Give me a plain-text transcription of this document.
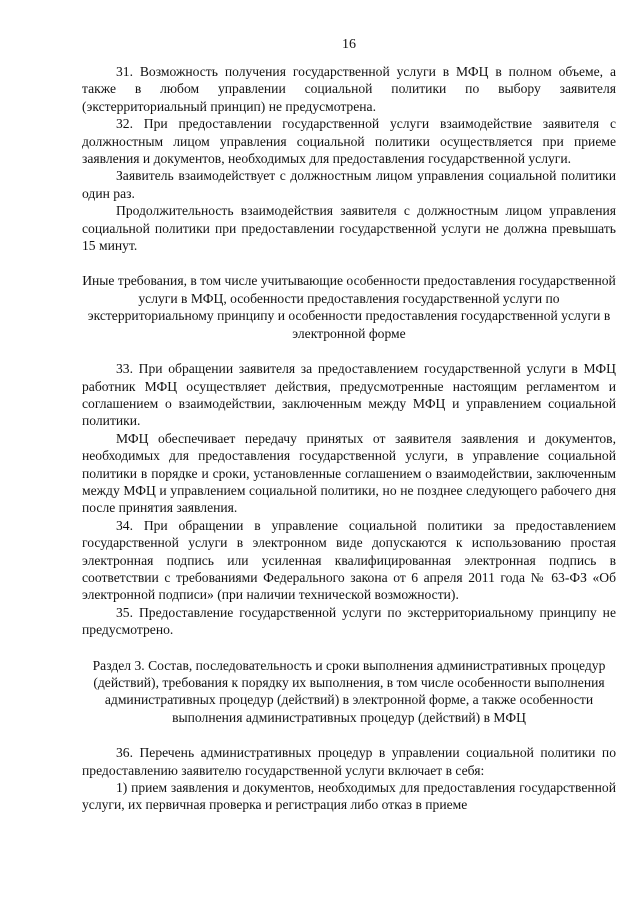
16

31. Возможность получения государственной услуги в МФЦ в полном объеме, а также в любом управлении социальной политики по выбору заявителя (экстерриториальный принцип) не предусмотрена.

32. При предоставлении государственной услуги взаимодействие заявителя с должностным лицом управления социальной политики осуществляется при приеме заявления и документов, необходимых для предоставления государственной услуги.

Заявитель взаимодействует с должностным лицом управления социальной политики один раз.

Продолжительность взаимодействия заявителя с должностным лицом управления социальной политики при предоставлении государственной услуги не должна превышать 15 минут.

Иные требования, в том числе учитывающие особенности предоставления государственной услуги в МФЦ, особенности предоставления государственной услуги по экстерриториальному принципу и особенности предоставления государственной услуги в электронной форме

33. При обращении заявителя за предоставлением государственной услуги в МФЦ работник МФЦ осуществляет действия, предусмотренные настоящим регламентом и соглашением о взаимодействии, заключенным между МФЦ и управлением социальной политики.

МФЦ обеспечивает передачу принятых от заявителя заявления и документов, необходимых для предоставления государственной услуги, в управление социальной политики в порядке и сроки, установленные соглашением о взаимодействии, заключенным между МФЦ и управлением социальной политики, но не позднее следующего рабочего дня после принятия заявления.

34. При обращении в управление социальной политики за предоставлением государственной услуги в электронном виде допускаются к использованию простая электронная подпись или усиленная квалифицированная электронная подпись в соответствии с требованиями Федерального закона от 6 апреля 2011 года № 63-ФЗ «Об электронной подписи» (при наличии технической возможности).

35. Предоставление государственной услуги по экстерриториальному принципу не предусмотрено.

Раздел 3. Состав, последовательность и сроки выполнения административных процедур (действий), требования к порядку их выполнения, в том числе особенности выполнения административных процедур (действий) в электронной форме, а также особенности выполнения административных процедур (действий) в МФЦ

36. Перечень административных процедур в управлении социальной политики по предоставлению заявителю государственной услуги включает в себя:

1) прием заявления и документов, необходимых для предоставления государственной услуги, их первичная проверка и регистрация либо отказ в приеме
